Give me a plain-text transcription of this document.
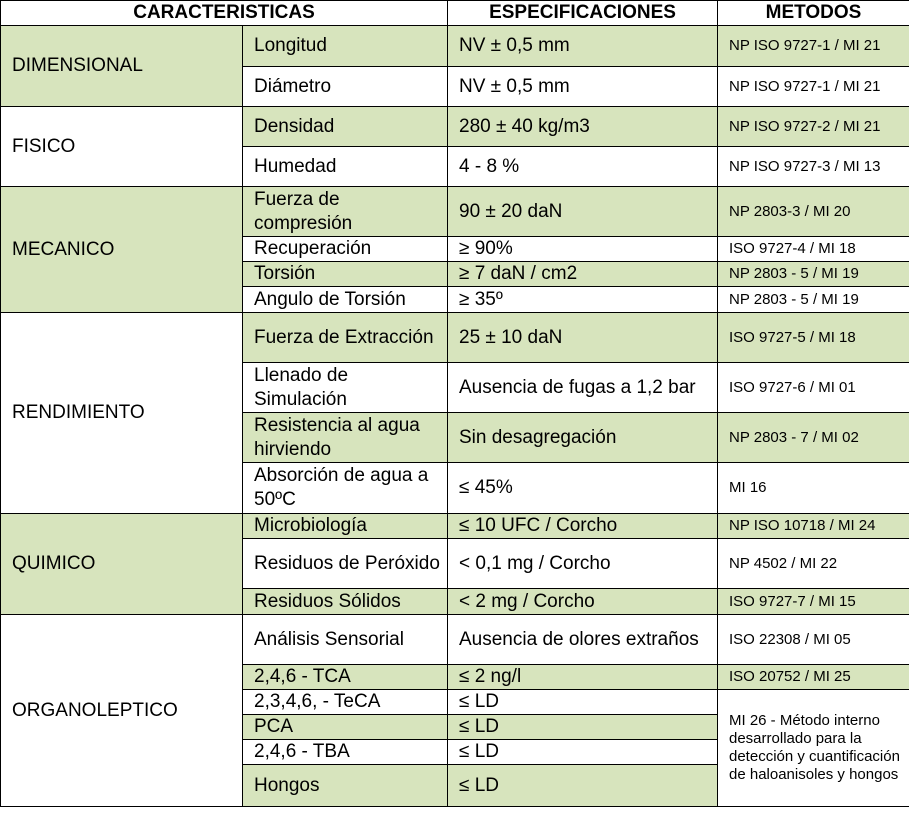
CARACTERISTICAS		ESPECIFICACIONES	METODOS
DIMENSIONAL	Longitud	NV ± 0,5 mm	NP ISO 9727-1 / MI 21
	Diámetro	NV ± 0,5 mm	NP ISO 9727-1 / MI 21
FISICO	Densidad	280 ± 40 kg/m3	NP ISO 9727-2 / MI 21
	Humedad	4 - 8 %	NP ISO 9727-3 / MI 13
MECANICO	Fuerza de compresión	90 ± 20 daN	NP 2803-3 / MI 20
	Recuperación	≥ 90%	ISO 9727-4 / MI 18
	Torsión	≥ 7 daN / cm2	NP 2803 - 5 / MI 19
	Angulo de Torsión	≥ 35º	NP 2803 - 5 / MI 19
RENDIMIENTO	Fuerza de Extracción	25 ± 10 daN	ISO 9727-5 / MI 18
	Llenado de Simulación	Ausencia de fugas a 1,2 bar	ISO 9727-6 / MI 01
	Resistencia al agua hirviendo	Sin desagregación	NP 2803 - 7 / MI 02
	Absorción de agua a 50ºC	≤ 45%	MI 16
QUIMICO	Microbiología	≤ 10 UFC / Corcho	NP ISO 10718 / MI 24
	Residuos de Peróxido	< 0,1 mg / Corcho	NP 4502 / MI 22
	Residuos Sólidos	< 2 mg / Corcho	ISO 9727-7 / MI 15
ORGANOLEPTICO	Análisis Sensorial	Ausencia de olores extraños	ISO 22308 / MI 05
	2,4,6 - TCA	≤ 2 ng/l	ISO 20752 / MI 25
	2,3,4,6, - TeCA	≤ LD	MI 26 - Método interno desarrollado para la detección y cuantificación de haloanisoles y hongos
	PCA	≤ LD	
	2,4,6 - TBA	≤ LD	
	Hongos	≤ LD	
